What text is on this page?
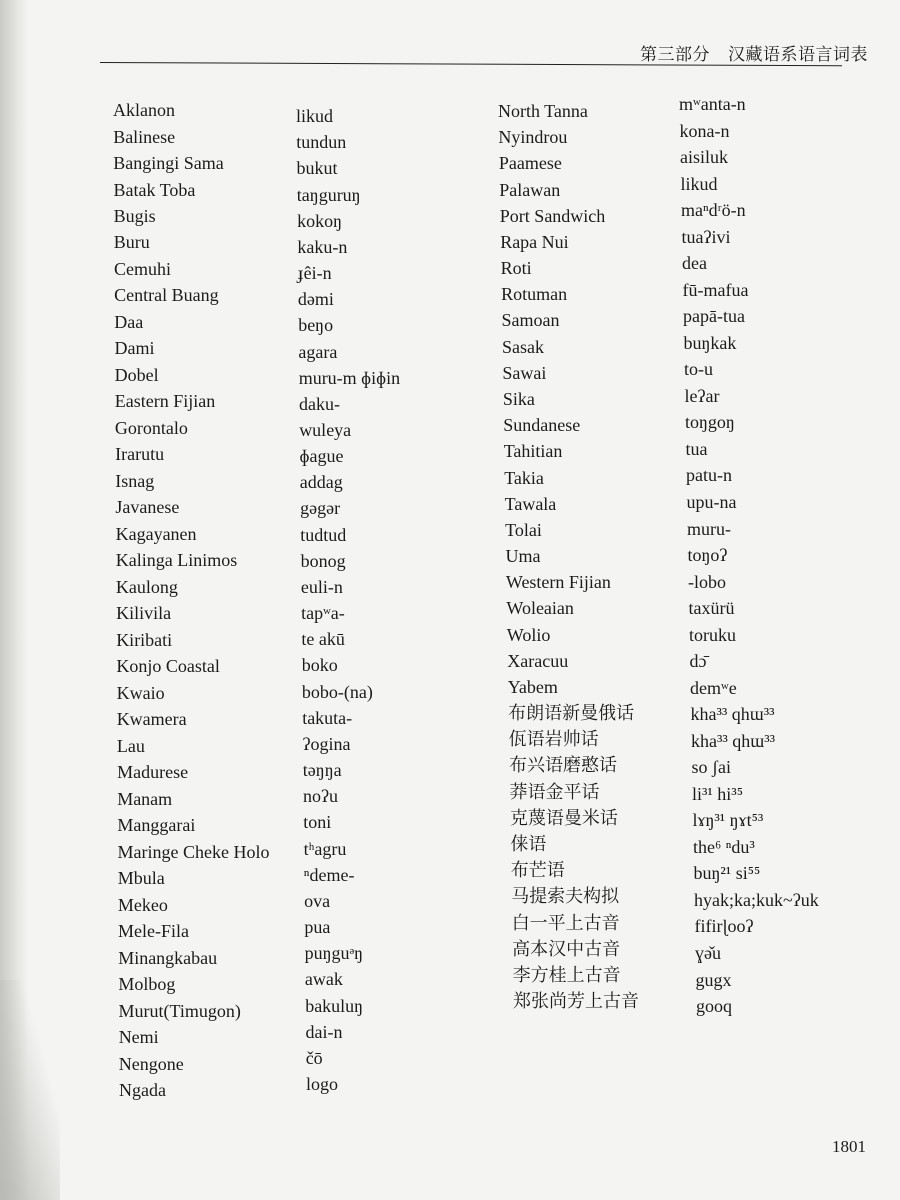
第三部分 汉藏语系语言词表
Aklanon
Balinese
Bangingi Sama
Batak Toba
Bugis
Buru
Cemuhi
Central Buang
Daa
Dami
Dobel
Eastern Fijian
Gorontalo
Irarutu
Isnag
Javanese
Kagayanen
Kalinga Linimos
Kaulong
Kilivila
Kiribati
Konjo Coastal
Kwaio
Kwamera
Lau
Madurese
Manam
Manggarai
Maringe Cheke Holo
Mbula
Mekeo
Mele-Fila
Minangkabau
Molbog
Murut(Timugon)
Nemi
Nengone
Ngada
likud
tundun
bukut
taŋguruŋ
kokoŋ
kaku-n
ɟêi-n
dəmi
beŋo
agara
muru-m ɸiɸin
daku-
wuleya
ɸague
addag
gəgər
tudtud
bonog
euli-n
tapʷa-
te akū
boko
bobo-(na)
takuta-
ʔogina
təŋŋa
noʔu
toni
tʰagru
ⁿdeme-
ova
pua
puŋguᵊŋ
awak
bakuluŋ
dai-n
čō
logo
North Tanna
Nyindrou
Paamese
Palawan
Port Sandwich
Rapa Nui
Roti
Rotuman
Samoan
Sasak
Sawai
Sika
Sundanese
Tahitian
Takia
Tawala
Tolai
Uma
Western Fijian
Woleaian
Wolio
Xaracuu
Yabem
布朗语新曼俄话
佤语岩帅话
布兴语磨憨话
莽语金平话
克蔑语曼米话
俫语
布芒语
马提索夫构拟
白一平上古音
高本汉中古音
李方桂上古音
郑张尚芳上古音
mʷanta-n
kona-n
aisiluk
likud
maⁿdʳö-n
tuaʔivi
dea
fū-mafua
papā-tua
buŋkak
to-u
leʔar
toŋgoŋ
tua
patu-n
upu-na
muru-
toŋoʔ
-lobo
taxürü
toruku
dɔ̄
demʷe
kha³³ qhɯ³³
kha³³ qhɯ³³
so ʃai
li³¹ hi³⁵
lɤŋ³¹ ŋɤt⁵³
the⁶ ⁿdu³
buŋ²¹ si⁵⁵
hyak;ka;kuk~ʔuk
fifirɭooʔ
ɣə̌u
gugx
gooq
1801
